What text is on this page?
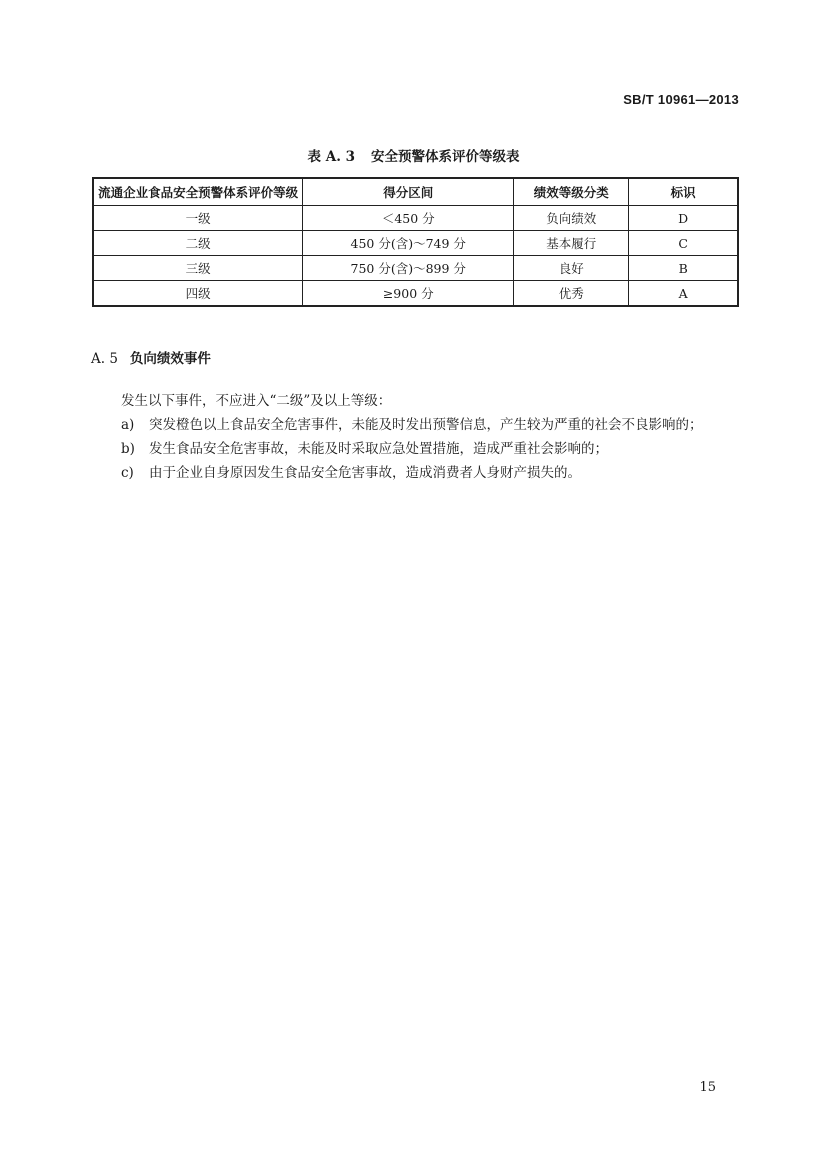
SB/T 10961—2013
表 A. 3 安全预警体系评价等级表
流通企业食品安全预警体系评价等级	得分区间	绩效等级分类	标识
一级	＜450 分	负向绩效	D
二级	450 分(含)～749 分	基本履行	C
三级	750 分(含)～899 分	良好	B
四级	≥900 分	优秀	A
A. 5 负向绩效事件
发生以下事件，不应进入“二级”及以上等级：
a) 突发橙色以上食品安全危害事件，未能及时发出预警信息，产生较为严重的社会不良影响的；
b) 发生食品安全危害事故，未能及时采取应急处置措施，造成严重社会影响的；
c) 由于企业自身原因发生食品安全危害事故，造成消费者人身财产损失的。
15
